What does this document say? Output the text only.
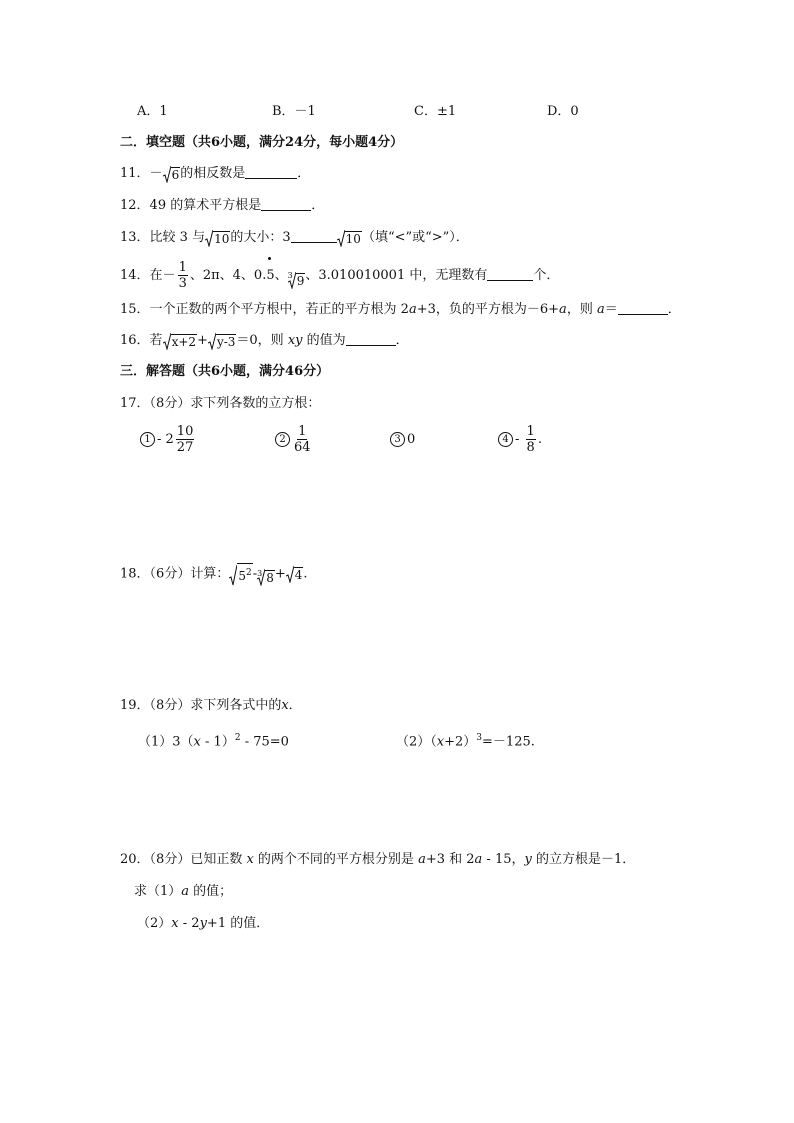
A．1	B．－1	C．±1	D．0
二．填空题（共6小题，满分24分，每小题4分）
11．－ 6 的相反数是	．
12．49 的算术平方根是	．
13．比较 3 与 10 的大小：3	10 （填“<”或“>”）．
14．在－ $\frac{1}{3}$ 、2π、4、0.5、 3 9 、3.010010001 中，无理数有	个．
15．一个正数的两个平方根中，若正的平方根为 2a+3，负的平方根为－6+a，则 a＝	．
16．若 x+2 + y-3 ＝0，则 xy 的值为	．
三．解答题（共6小题，满分46分）
17．（8分）求下列各数的立方根：
$1 - 2 \frac{10}{27}$	$2 \frac{1}{64}$	3 0	$4 - \frac{1}{8}$ .
18．（6分）计算： $5^2 - 3$ 8 + 4 .
19．（8分）求下列各式中的x．
（1）3（x - 1）$^2$ - 75=0	$(2)(x+2)^3=-125$.
20．（8分）已知正数 x 的两个不同的平方根分别是 a+3 和 2a - 15，y 的立方根是－1．
求（1）a 的值；
（2）x - 2y+1 的值．
